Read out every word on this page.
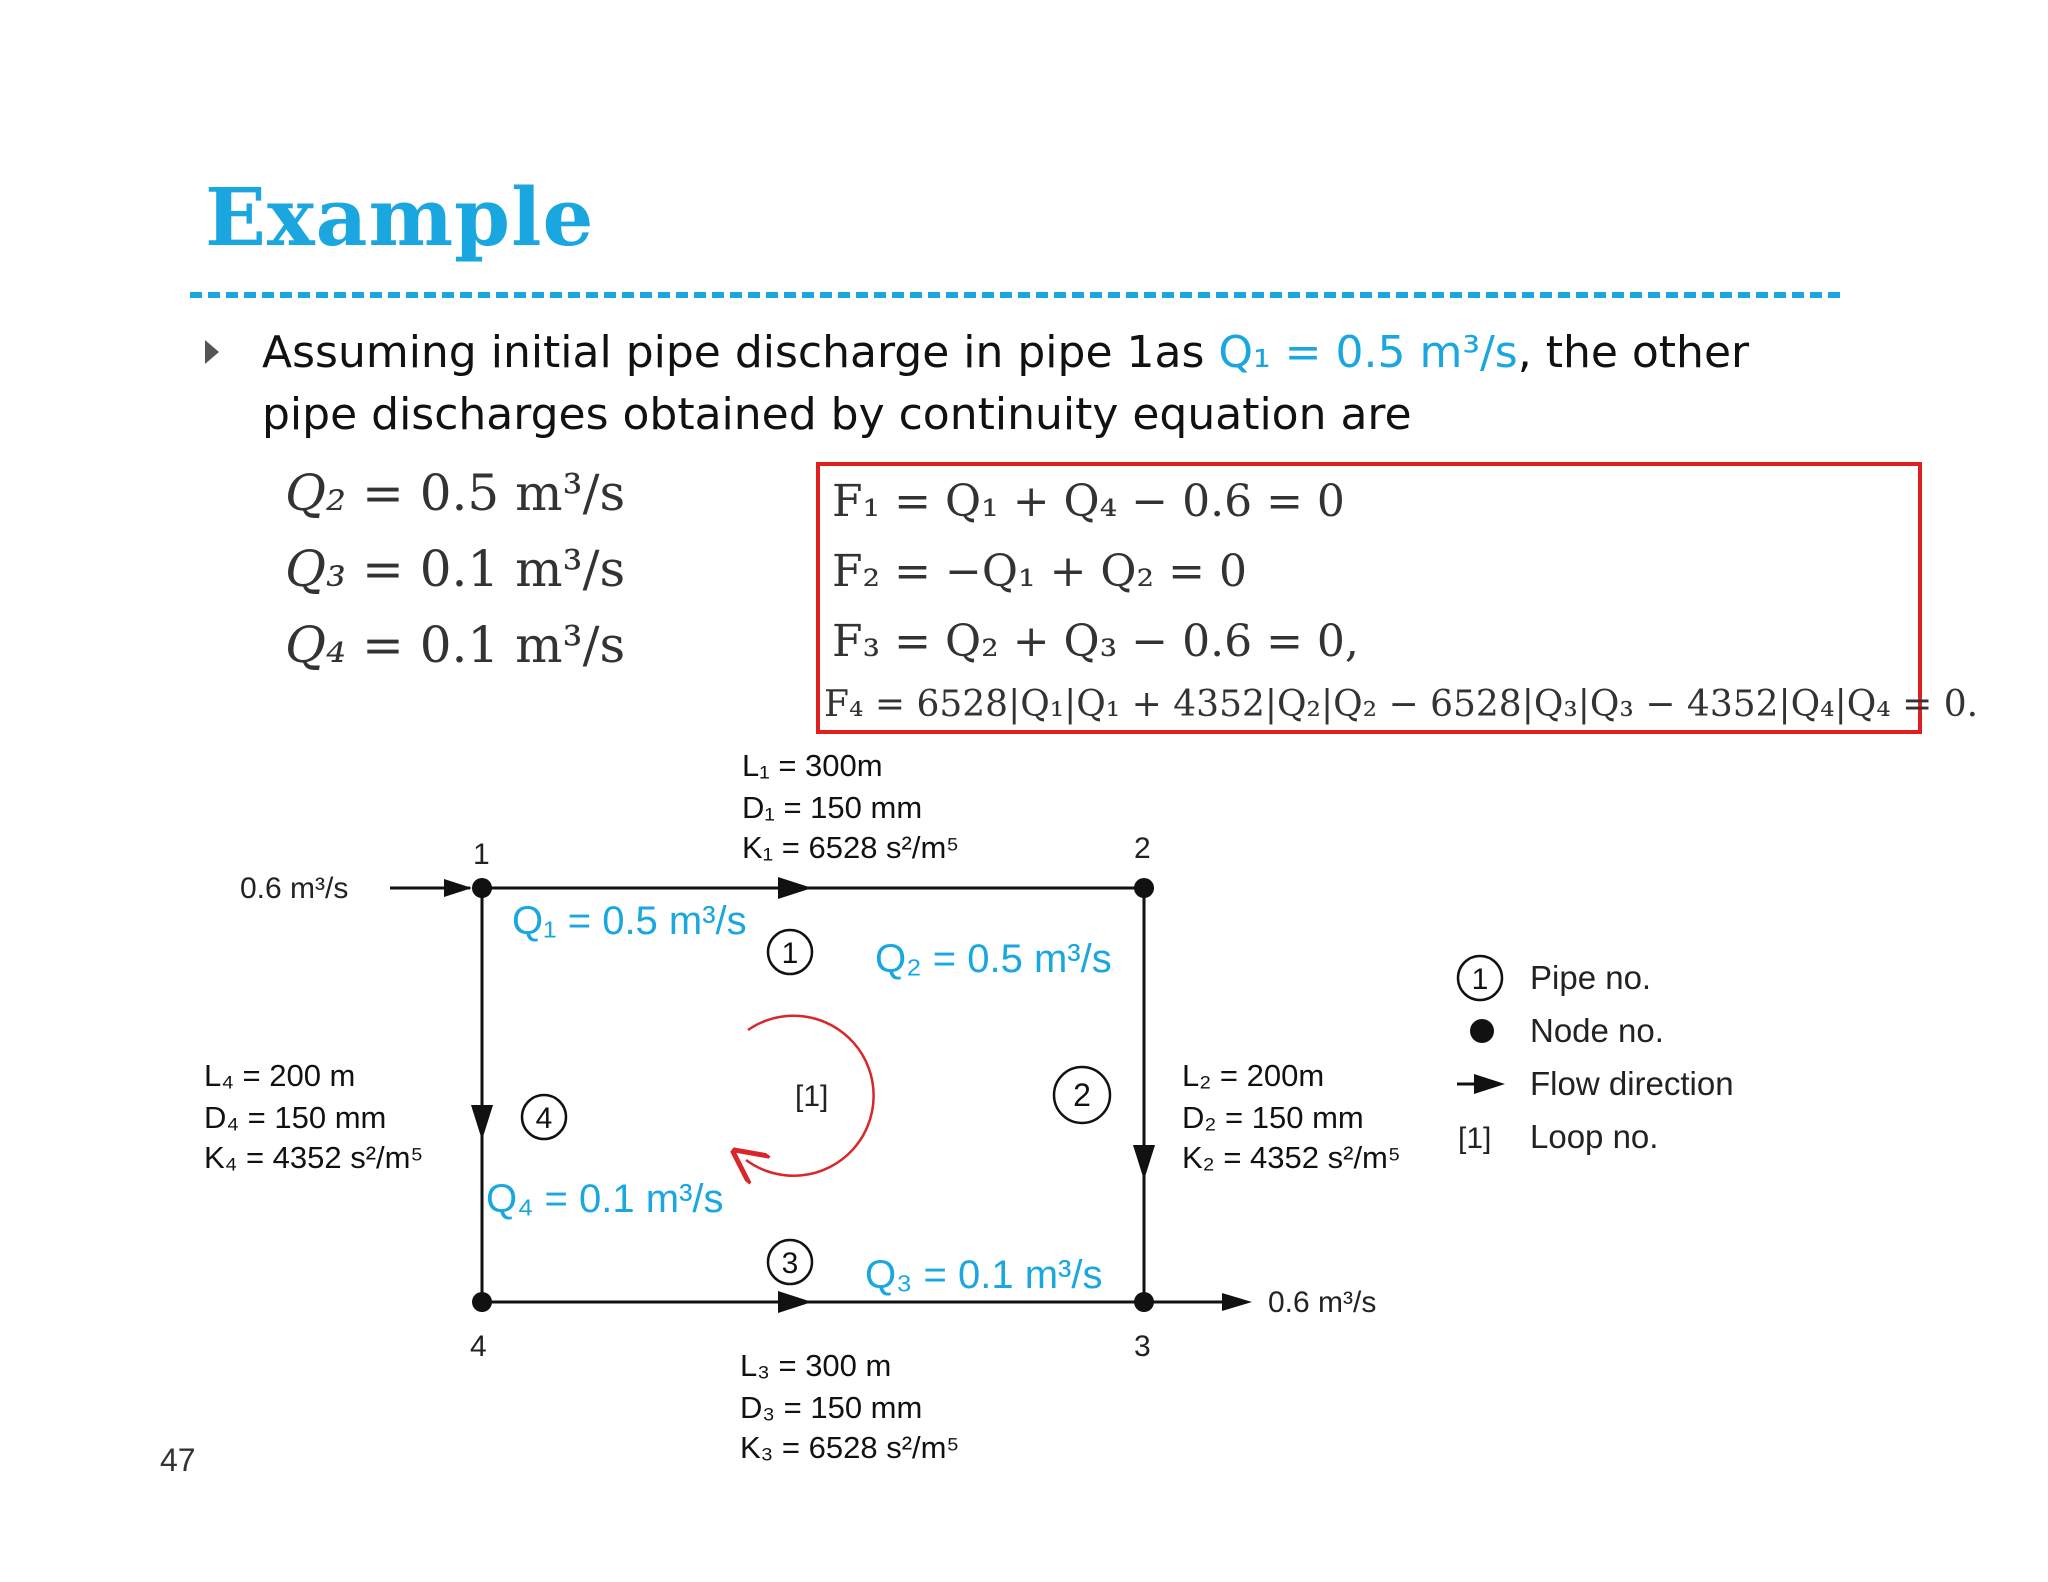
Example
Assuming initial pipe discharge in pipe 1as Q₁ = 0.5 m³/s, the other pipe discharges obtained by continuity equation are
Q₂ = 0.5 m³/s
Q₃ = 0.1 m³/s
Q₄ = 0.1 m³/s
F₁ = Q₁ + Q₄ − 0.6 = 0
F₂ = −Q₁ + Q₂ = 0
F₃ = Q₂ + Q₃ − 0.6 = 0,
F₄ = 6528|Q₁|Q₁ + 4352|Q₂|Q₂ − 6528|Q₃|Q₃ − 4352|Q₄|Q₄ = 0.
1	2
3
4
1
2
3
4
[1]
0.6 m³/s
0.6 m³/s
L₁ = 300m
D₁ = 150 mm
K₁ = 6528 s²/m⁵
L₂ = 200m
D₂ = 150 mm
K₂ = 4352 s²/m⁵
L₃ = 300 m
D₃ = 150 mm
K₃ = 6528 s²/m⁵
L₄ = 200 m
D₄ = 150 mm
K₄ = 4352 s²/m⁵
Q₁ = 0.5 m³/s
Q₂ = 0.5 m³/s
Q₃ = 0.1 m³/s
Q₄ = 0.1 m³/s
1 Pipe no.
Node no.
Flow direction
[1] Loop no.
47
